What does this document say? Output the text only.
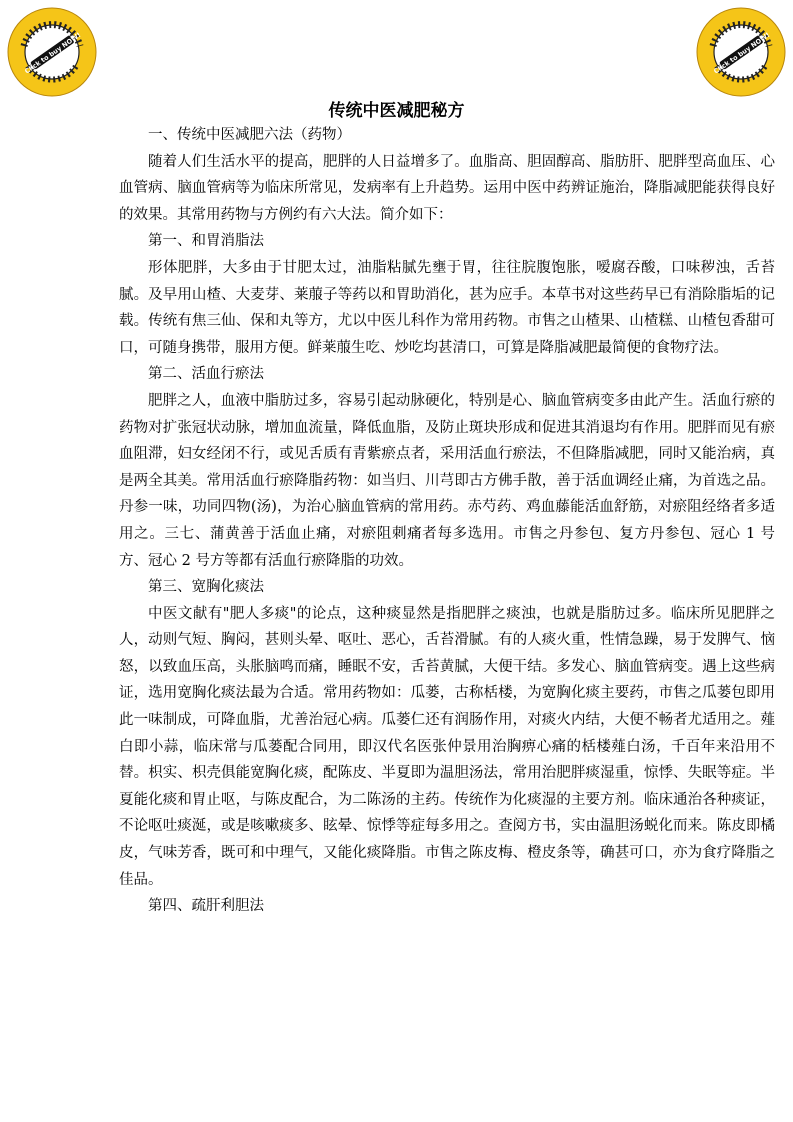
Click to buy NOW!	Click to buy NOW!
传统中医减肥秘方

一、传统中医减肥六法（药物）

随着人们生活水平的提高，肥胖的人日益增多了。血脂高、胆固醇高、脂肪肝、肥胖型高血压、心血管病、脑血管病等为临床所常见，发病率有上升趋势。运用中医中药辨证施治，降脂减肥能获得良好的效果。其常用药物与方例约有六大法。简介如下：

第一、和胃消脂法

形体肥胖，大多由于甘肥太过，油脂粘腻先壅于胃，往往脘腹饱胀，嗳腐吞酸，口味秽浊，舌苔腻。及早用山楂、大麦芽、莱菔子等药以和胃助消化，甚为应手。本草书对这些药早已有消除脂垢的记载。传统有焦三仙、保和丸等方，尤以中医儿科作为常用药物。市售之山楂果、山楂糕、山楂包香甜可口，可随身携带，服用方便。鲜莱菔生吃、炒吃均甚清口，可算是降脂减肥最简便的食物疗法。

第二、活血行瘀法

肥胖之人，血液中脂肪过多，容易引起动脉硬化，特别是心、脑血管病变多由此产生。活血行瘀的药物对扩张冠状动脉，增加血流量，降低血脂，及防止斑块形成和促进其消退均有作用。肥胖而见有瘀血阻滞，妇女经闭不行，或见舌质有青紫瘀点者，采用活血行瘀法，不但降脂减肥，同时又能治病，真是两全其美。常用活血行瘀降脂药物：如当归、川芎即古方佛手散，善于活血调经止痛，为首选之品。丹参一味，功同四物(汤)，为治心脑血管病的常用药。赤芍药、鸡血藤能活血舒筋，对瘀阻经络者多适用之。三七、蒲黄善于活血止痛，对瘀阻刺痛者每多选用。市售之丹参包、复方丹参包、冠心 1 号方、冠心 2 号方等都有活血行瘀降脂的功效。

第三、宽胸化痰法

中医文献有"肥人多痰"的论点，这种痰显然是指肥胖之痰浊，也就是脂肪过多。临床所见肥胖之人，动则气短、胸闷，甚则头晕、呕吐、恶心，舌苔滑腻。有的人痰火重，性情急躁，易于发脾气、恼怒，以致血压高，头胀脑鸣而痛，睡眠不安，舌苔黄腻，大便干结。多发心、脑血管病变。遇上这些病证，选用宽胸化痰法最为合适。常用药物如：瓜蒌，古称栝楼，为宽胸化痰主要药，市售之瓜蒌包即用此一味制成，可降血脂，尤善治冠心病。瓜蒌仁还有润肠作用，对痰火内结，大便不畅者尤适用之。薤白即小蒜，临床常与瓜蒌配合同用，即汉代名医张仲景用治胸痹心痛的栝楼薤白汤，千百年来沿用不替。枳实、枳壳俱能宽胸化痰，配陈皮、半夏即为温胆汤法，常用治肥胖痰湿重，惊悸、失眠等症。半夏能化痰和胃止呕，与陈皮配合，为二陈汤的主药。传统作为化痰湿的主要方剂。临床通治各种痰证，不论呕吐痰涎，或是咳嗽痰多、眩晕、惊悸等症每多用之。查阅方书，实由温胆汤蜕化而来。陈皮即橘皮，气味芳香，既可和中理气，又能化痰降脂。市售之陈皮梅、橙皮条等，确甚可口，亦为食疗降脂之佳品。

第四、疏肝利胆法
